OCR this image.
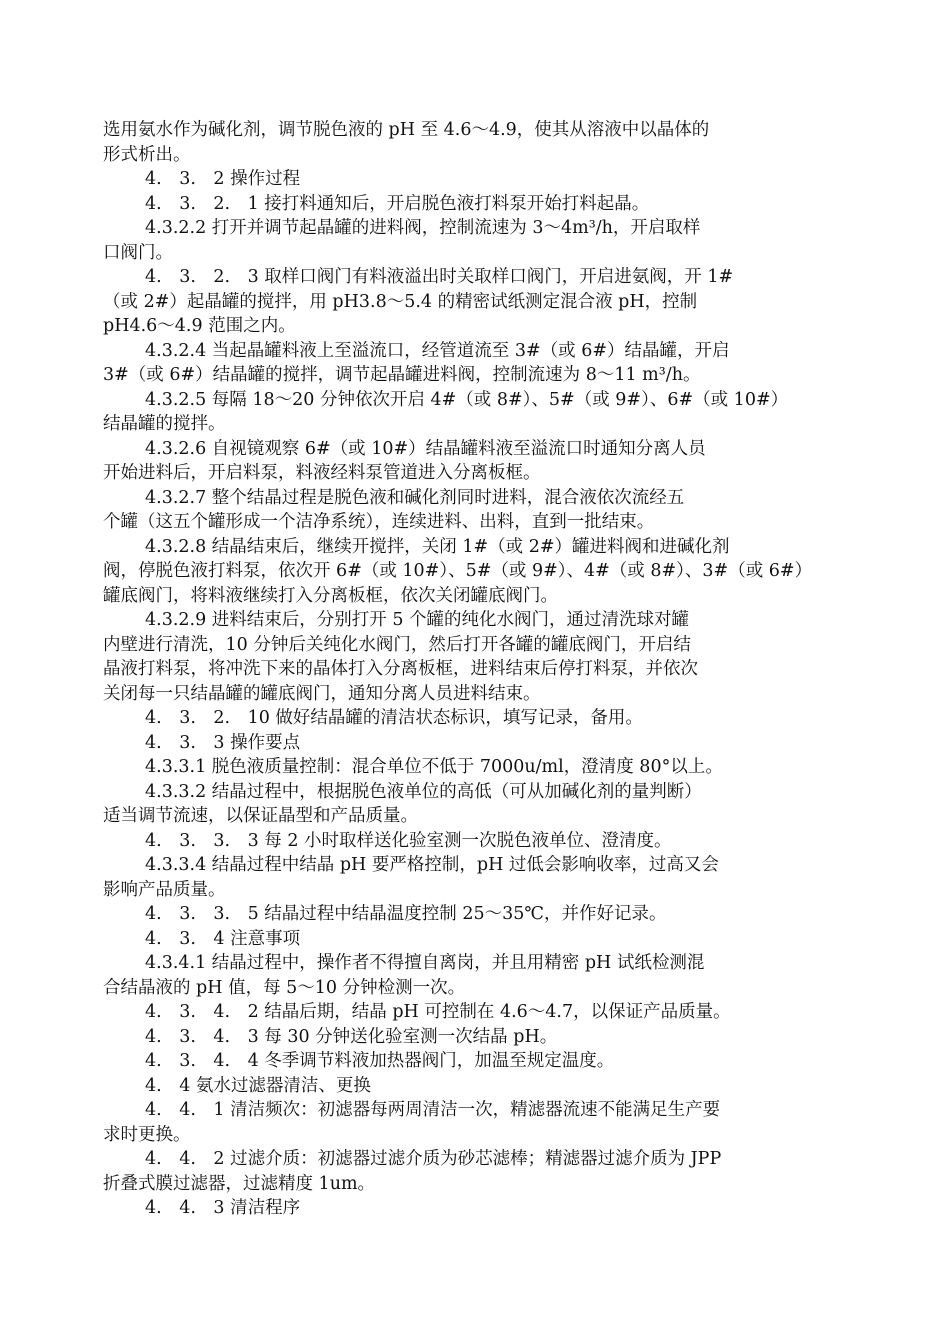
选用氨水作为碱化剂，调节脱色液的 pH 至 4.6～4.9，使其从溶液中以晶体的
形式析出。
4.　3.　2 操作过程
4.　3.　2.　1 接打料通知后，开启脱色液打料泵开始打料起晶。
4.3.2.2 打开并调节起晶罐的进料阀，控制流速为 3～4m³/h，开启取样
口阀门。
4.　3.　2.　3 取样口阀门有料液溢出时关取样口阀门，开启进氨阀，开 1#
（或 2#）起晶罐的搅拌，用 pH3.8～5.4 的精密试纸测定混合液 pH，控制
pH4.6～4.9 范围之内。
4.3.2.4 当起晶罐料液上至溢流口，经管道流至 3#（或 6#）结晶罐，开启
3#（或 6#）结晶罐的搅拌，调节起晶罐进料阀，控制流速为 8～11 m³/h。
4.3.2.5 每隔 18～20 分钟依次开启 4#（或 8#）、5#（或 9#）、6#（或 10#）
结晶罐的搅拌。
4.3.2.6 自视镜观察 6#（或 10#）结晶罐料液至溢流口时通知分离人员
开始进料后，开启料泵，料液经料泵管道进入分离板框。
4.3.2.7 整个结晶过程是脱色液和碱化剂同时进料，混合液依次流经五
个罐（这五个罐形成一个洁净系统），连续进料、出料，直到一批结束。
4.3.2.8 结晶结束后，继续开搅拌，关闭 1#（或 2#）罐进料阀和进碱化剂
阀，停脱色液打料泵，依次开 6#（或 10#）、5#（或 9#）、4#（或 8#）、3#（或 6#）
罐底阀门，将料液继续打入分离板框，依次关闭罐底阀门。
4.3.2.9 进料结束后，分别打开 5 个罐的纯化水阀门，通过清洗球对罐
内壁进行清洗，10 分钟后关纯化水阀门，然后打开各罐的罐底阀门，开启结
晶液打料泵，将冲洗下来的晶体打入分离板框，进料结束后停打料泵，并依次
关闭每一只结晶罐的罐底阀门，通知分离人员进料结束。
4.　3.　2.　10 做好结晶罐的清洁状态标识，填写记录，备用。
4.　3.　3 操作要点
4.3.3.1 脱色液质量控制：混合单位不低于 7000u/ml，澄清度 80°以上。
4.3.3.2 结晶过程中，根据脱色液单位的高低（可从加碱化剂的量判断）
适当调节流速，以保证晶型和产品质量。
4.　3.　3.　3 每 2 小时取样送化验室测一次脱色液单位、澄清度。
4.3.3.4 结晶过程中结晶 pH 要严格控制，pH 过低会影响收率，过高又会
影响产品质量。
4.　3.　3.　5 结晶过程中结晶温度控制 25～35℃，并作好记录。
4.　3.　4 注意事项
4.3.4.1 结晶过程中，操作者不得擅自离岗，并且用精密 pH 试纸检测混
合结晶液的 pH 值，每 5～10 分钟检测一次。
4.　3.　4.　2 结晶后期，结晶 pH 可控制在 4.6～4.7，以保证产品质量。
4.　3.　4.　3 每 30 分钟送化验室测一次结晶 pH。
4.　3.　4.　4 冬季调节料液加热器阀门，加温至规定温度。
4.　4 氨水过滤器清洁、更换
4.　4.　1 清洁频次：初滤器每两周清洁一次，精滤器流速不能满足生产要
求时更换。
4.　4.　2 过滤介质：初滤器过滤介质为砂芯滤棒；精滤器过滤介质为 JPP
折叠式膜过滤器，过滤精度 1um。
4.　4.　3 清洁程序
